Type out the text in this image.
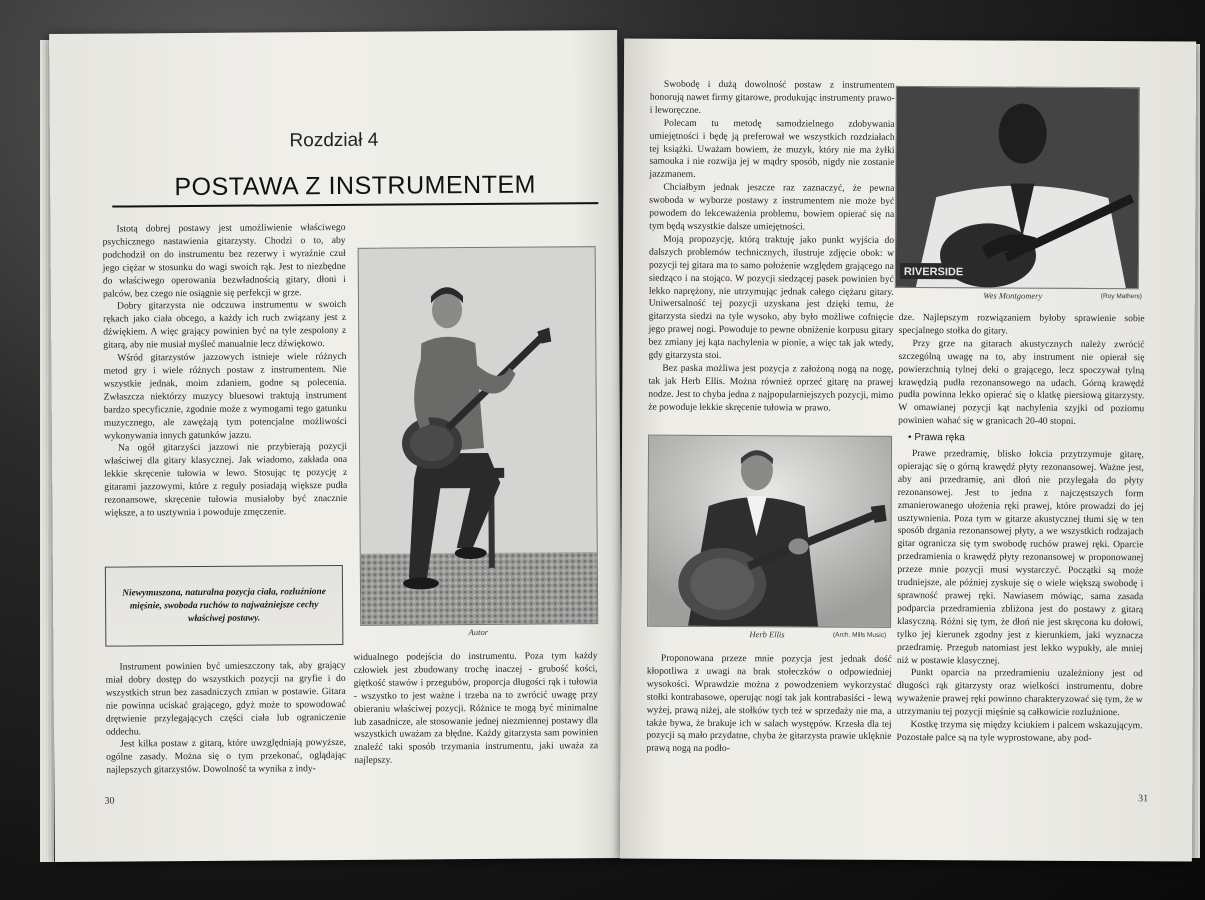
Rozdział 4
POSTAWA Z INSTRUMENTEM

Istotą dobrej postawy jest umożliwienie właściwego psychicznego nastawienia gitarzysty. Chodzi o to, aby podchodził on do instrumentu bez rezerwy i wyraźnie czuł jego ciężar w stosunku do wagi swoich rąk. Jest to niezbędne do właściwego operowania bezwładnością gitary, dłoni i palców, bez czego nie osiągnie się perfekcji w grze.

Dobry gitarzysta nie odczuwa instrumentu w swoich rękach jako ciała obcego, a każdy ich ruch związany jest z dźwiękiem. A więc grający powinien być na tyle zespolony z gitarą, aby nie musiał myśleć manualnie lecz dźwiękowo.

Wśród gitarzystów jazzowych istnieje wiele różnych metod gry i wiele różnych postaw z instrumentem. Nie wszystkie jednak, moim zdaniem, godne są polecenia. Zwłaszcza niektórzy muzycy bluesowi traktują instrument bardzo specyficznie, zgodnie może z wymogami tego gatunku muzycznego, ale zawężają tym potencjalne możliwości wykonywania innych gatunków jazzu.

Na ogół gitarzyści jazzowi nie przybierają pozycji właściwej dla gitary klasycznej. Jak wiadomo, zakłada ona lekkie skręcenie tułowia w lewo. Stosując tę pozycję z gitarami jazzowymi, które z reguły posiadają większe pudła rezonansowe, skręcenie tułowia musiałoby być znacznie większe, a to usztywnia i powoduje zmęczenie.

Autor
Niewymuszona, naturalna pozycja ciała, rozluźnione mięśnie, swoboda ruchów to najważniejsze cechy właściwej postawy.

Instrument powinien być umieszczony tak, aby grający miał dobry dostęp do wszystkich pozycji na gryfie i do wszystkich strun bez zasadniczych zmian w postawie. Gitara nie powinna uciskać grającego, gdyż może to spowodować drętwienie przylegających części ciała lub ograniczenie oddechu.

Jest kilka postaw z gitarą, które uwzględniają powyższe, ogólne zasady. Można się o tym przekonać, oglądając najlepszych gitarzystów. Dowolność ta wynika z indy-

widualnego podejścia do instrumentu. Poza tym każdy człowiek jest zbudowany trochę inaczej - grubość kości, giętkość stawów i przegubów, proporcja długości rąk i tułowia - wszystko to jest ważne i trzeba na to zwrócić uwagę przy obieraniu właściwej pozycji. Różnice te mogą być minimalne lub zasadnicze, ale stosowanie jednej niezmiennej postawy dla wszystkich uważam za błędne. Każdy gitarzysta sam powinien znaleźć taki sposób trzymania instrumentu, jaki uważa za najlepszy.

30

Swobodę i dużą dowolność postaw z instrumentem honorują nawet firmy gitarowe, produkując instrumenty prawo- i leworęczne.

Polecam tu metodę samodzielnego zdobywania umiejętności i będę ją preferował we wszystkich rozdziałach tej książki. Uważam bowiem, że muzyk, który nie ma żyłki samouka i nie rozwija jej w mądry sposób, nigdy nie zostanie jazzmanem.

Chciałbym jednak jeszcze raz zaznaczyć, że pewna swoboda w wyborze postawy z instrumentem nie może być powodem do lekceważenia problemu, bowiem opierać się na tym będą wszystkie dalsze umiejętności.

Moją propozycję, którą traktuję jako punkt wyjścia do dalszych problemów technicznych, ilustruje zdjęcie obok: w pozycji tej gitara ma to samo położenie względem grającego na siedząco i na stojąco. W pozycji siedzącej pasek powinien być lekko naprężony, nie utrzymując jednak całego ciężaru gitary. Uniwersalność tej pozycji uzyskana jest dzięki temu, że gitarzysta siedzi na tyle wysoko, aby było możliwe cofnięcie jego prawej nogi. Powoduje to pewne obniżenie korpusu gitary bez zmiany jej kąta nachylenia w pionie, a więc tak jak wtedy, gdy gitarzysta stoi.

Bez paska możliwa jest pozycja z założoną nogą na nogę, tak jak Herb Ellis. Można również oprzeć gitarę na prawej nodze. Jest to chyba jedna z najpopularniejszych pozycji, mimo że powoduje lekkie skręcenie tułowia w prawo.

Herb Ellis	(Arch. Mills Music)

Proponowana przeze mnie pozycja jest jednak dość kłopotliwa z uwagi na brak stołeczków o odpowiedniej wysokości. Wprawdzie można z powodzeniem wykorzystać stołki kontrabasowe, operując nogi tak jak kontrabasiści - lewą wyżej, prawą niżej, ale stołków tych też w sprzedaży nie ma, a także bywa, że brakuje ich w salach występów. Krzesła dla tej pozycji są mało przydatne, chyba że gitarzysta prawie uklęknie prawą nogą na podło-

RIVERSIDE
Wes Montgomery	(Roy Mathers)

dze. Najlepszym rozwiązaniem byłoby sprawienie sobie specjalnego stołka do gitary.

Przy grze na gitarach akustycznych należy zwrócić szczególną uwagę na to, aby instrument nie opierał się powierzchnią tylnej deki o grającego, lecz spoczywał tylną krawędzią pudła rezonansowego na udach. Górną krawędź pudła powinna lekko opierać się o klatkę piersiową gitarzysty. W omawianej pozycji kąt nachylenia szyjki od poziomu powinien wahać się w granicach 20-40 stopni.

• Prawa ręka

Prawe przedramię, blisko łokcia przytrzymuje gitarę, opierając się o górną krawędź płyty rezonansowej. Ważne jest, aby ani przedramię, ani dłoń nie przylegała do płyty rezonansowej. Jest to jedna z najczęstszych form zmanierowanego ułożenia ręki prawej, które prowadzi do jej usztywnienia. Poza tym w gitarze akustycznej tłumi się w ten sposób drgania rezonansowej płyty, a we wszystkich rodzajach gitar ogranicza się tym swobodę ruchów prawej ręki. Oparcie przedramienia o krawędź płyty rezonansowej w proponowanej przeze mnie pozycji musi wystarczyć. Początki są może trudniejsze, ale później zyskuje się o wiele większą swobodę i sprawność prawej ręki. Nawiasem mówiąc, sama zasada podparcia przedramienia zbliżona jest do postawy z gitarą klasyczną. Różni się tym, że dłoń nie jest skręcona ku dołowi, tylko jej kierunek zgodny jest z kierunkiem, jaki wyznacza przedramię. Przegub natomiast jest lekko wypukły, ale mniej niż w postawie klasycznej.

Punkt oparcia na przedramieniu uzależniony jest od długości rąk gitarzysty oraz wielkości instrumentu, dobre wyważenie prawej ręki powinno charakteryzować się tym, że w utrzymaniu tej pozycji mięśnie są całkowicie rozluźnione.

Kostkę trzyma się między kciukiem i palcem wskazującym. Pozostałe palce są na tyle wyprostowane, aby pod-

31
